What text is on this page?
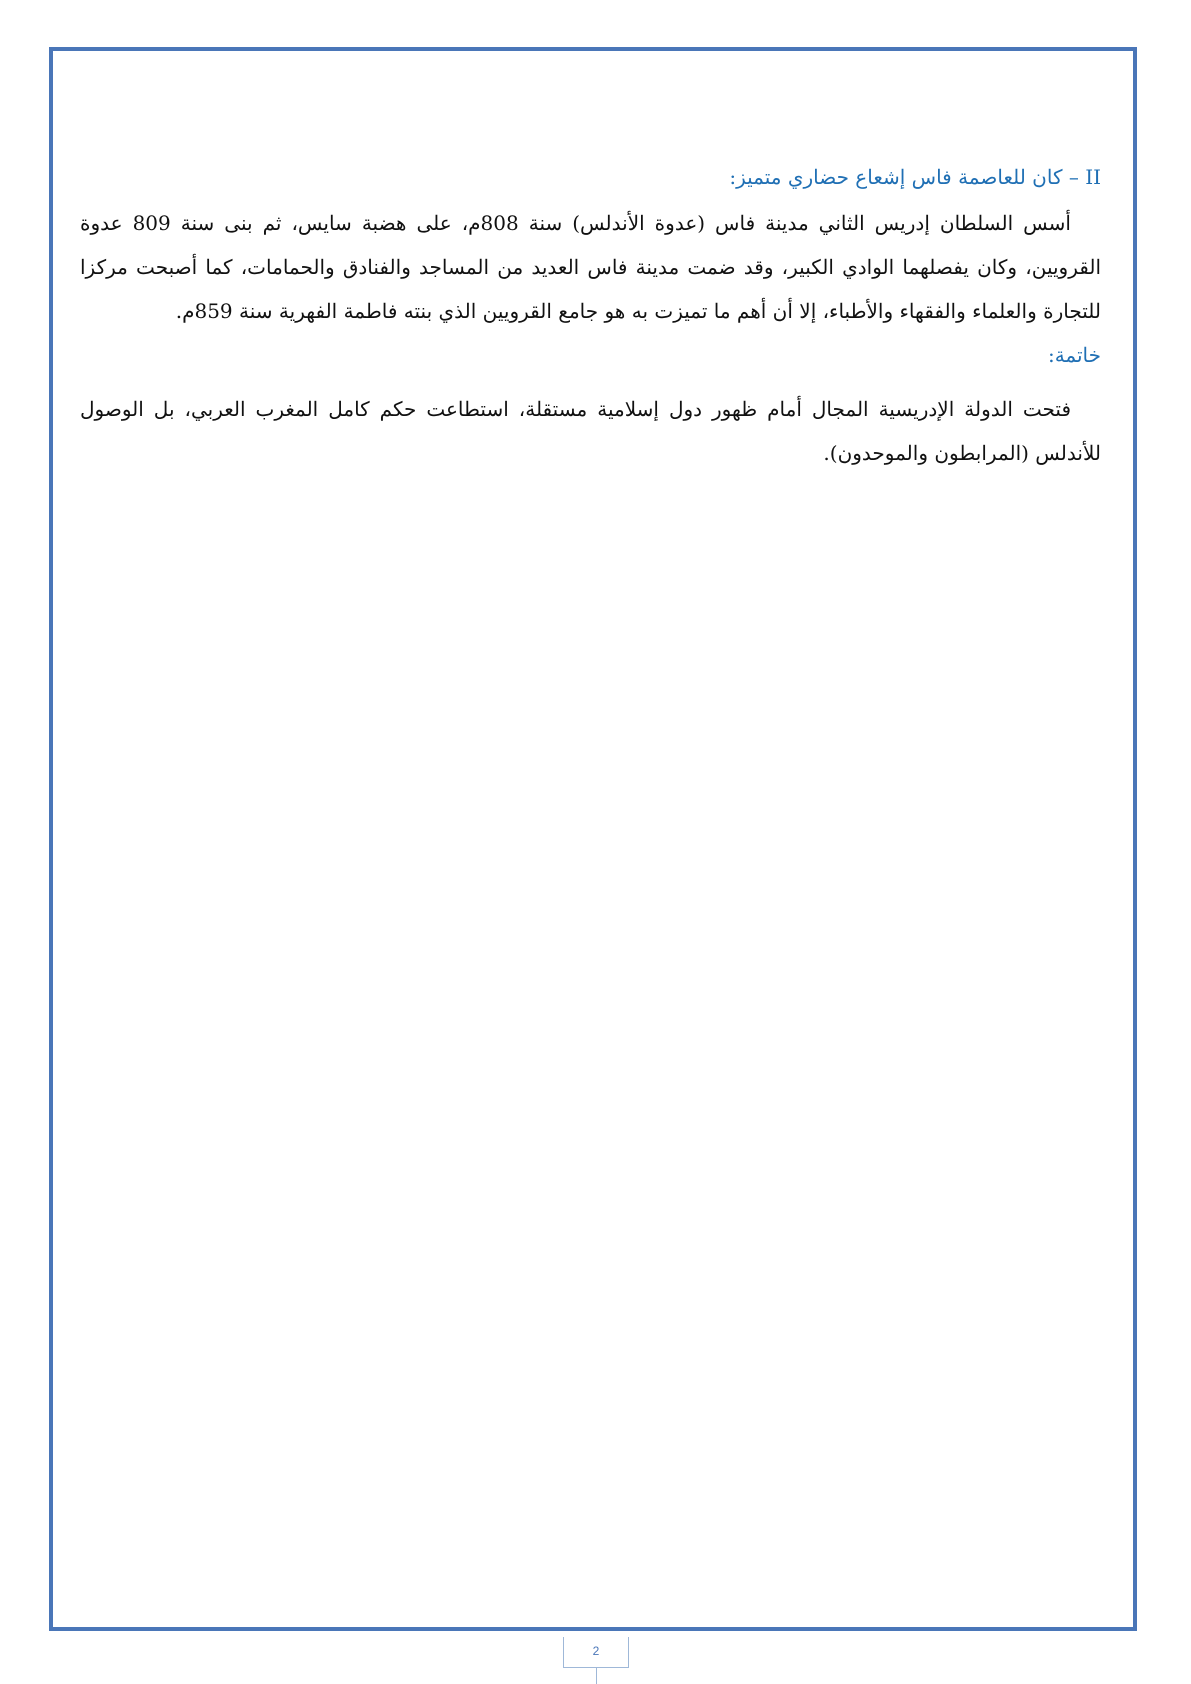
II – كان للعاصمة فاس إشعاع حضاري متميز:

أسس السلطان إدريس الثاني مدينة فاس (عدوة الأندلس) سنة 808م، على هضبة سايس، ثم بنى سنة 809 عدوة القرويين، وكان يفصلهما الوادي الكبير، وقد ضمت مدينة فاس العديد من المساجد والفنادق والحمامات، كما أصبحت مركزا للتجارة والعلماء والفقهاء والأطباء، إلا أن أهم ما تميزت به هو جامع القرويين الذي بنته فاطمة الفهرية سنة 859م.

خاتمة:

فتحت الدولة الإدريسية المجال أمام ظهور دول إسلامية مستقلة، استطاعت حكم كامل المغرب العربي، بل الوصول للأندلس (المرابطون والموحدون).

2
